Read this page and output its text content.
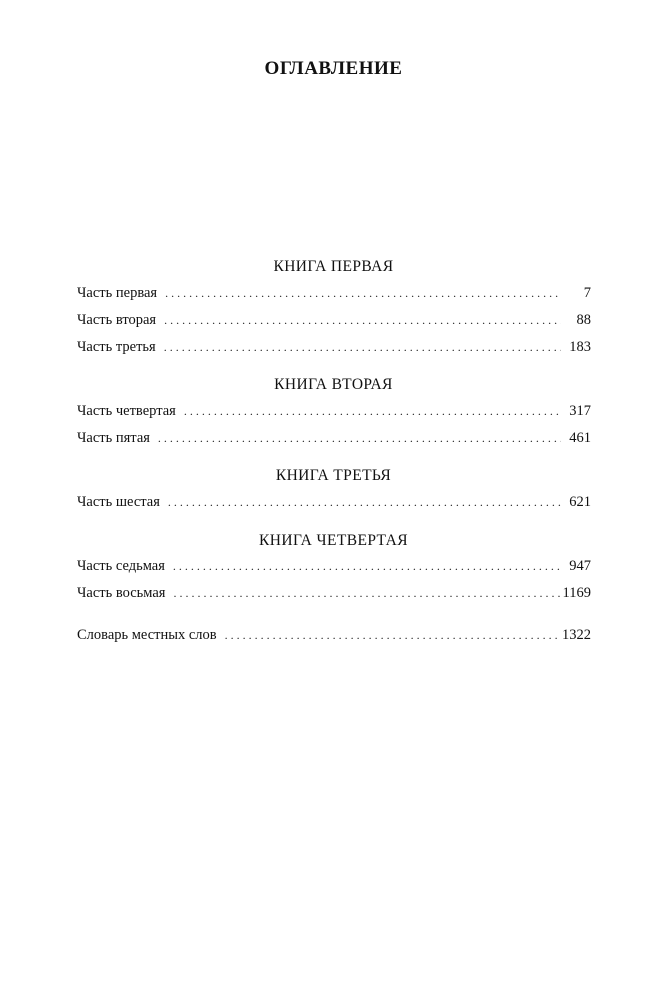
ОГЛАВЛЕНИЕ
КНИГА ПЕРВАЯ
Часть первая . . .	7
Часть вторая . . .	88
Часть третья . . .	183
КНИГА ВТОРАЯ
Часть четвертая . . .	317
Часть пятая . . .	461
КНИГА ТРЕТЬЯ
Часть шестая . . .	621
КНИГА ЧЕТВЕРТАЯ
Часть седьмая . . .	947
Часть восьмая . . .	1169
Словарь местных слов . . .	1322
